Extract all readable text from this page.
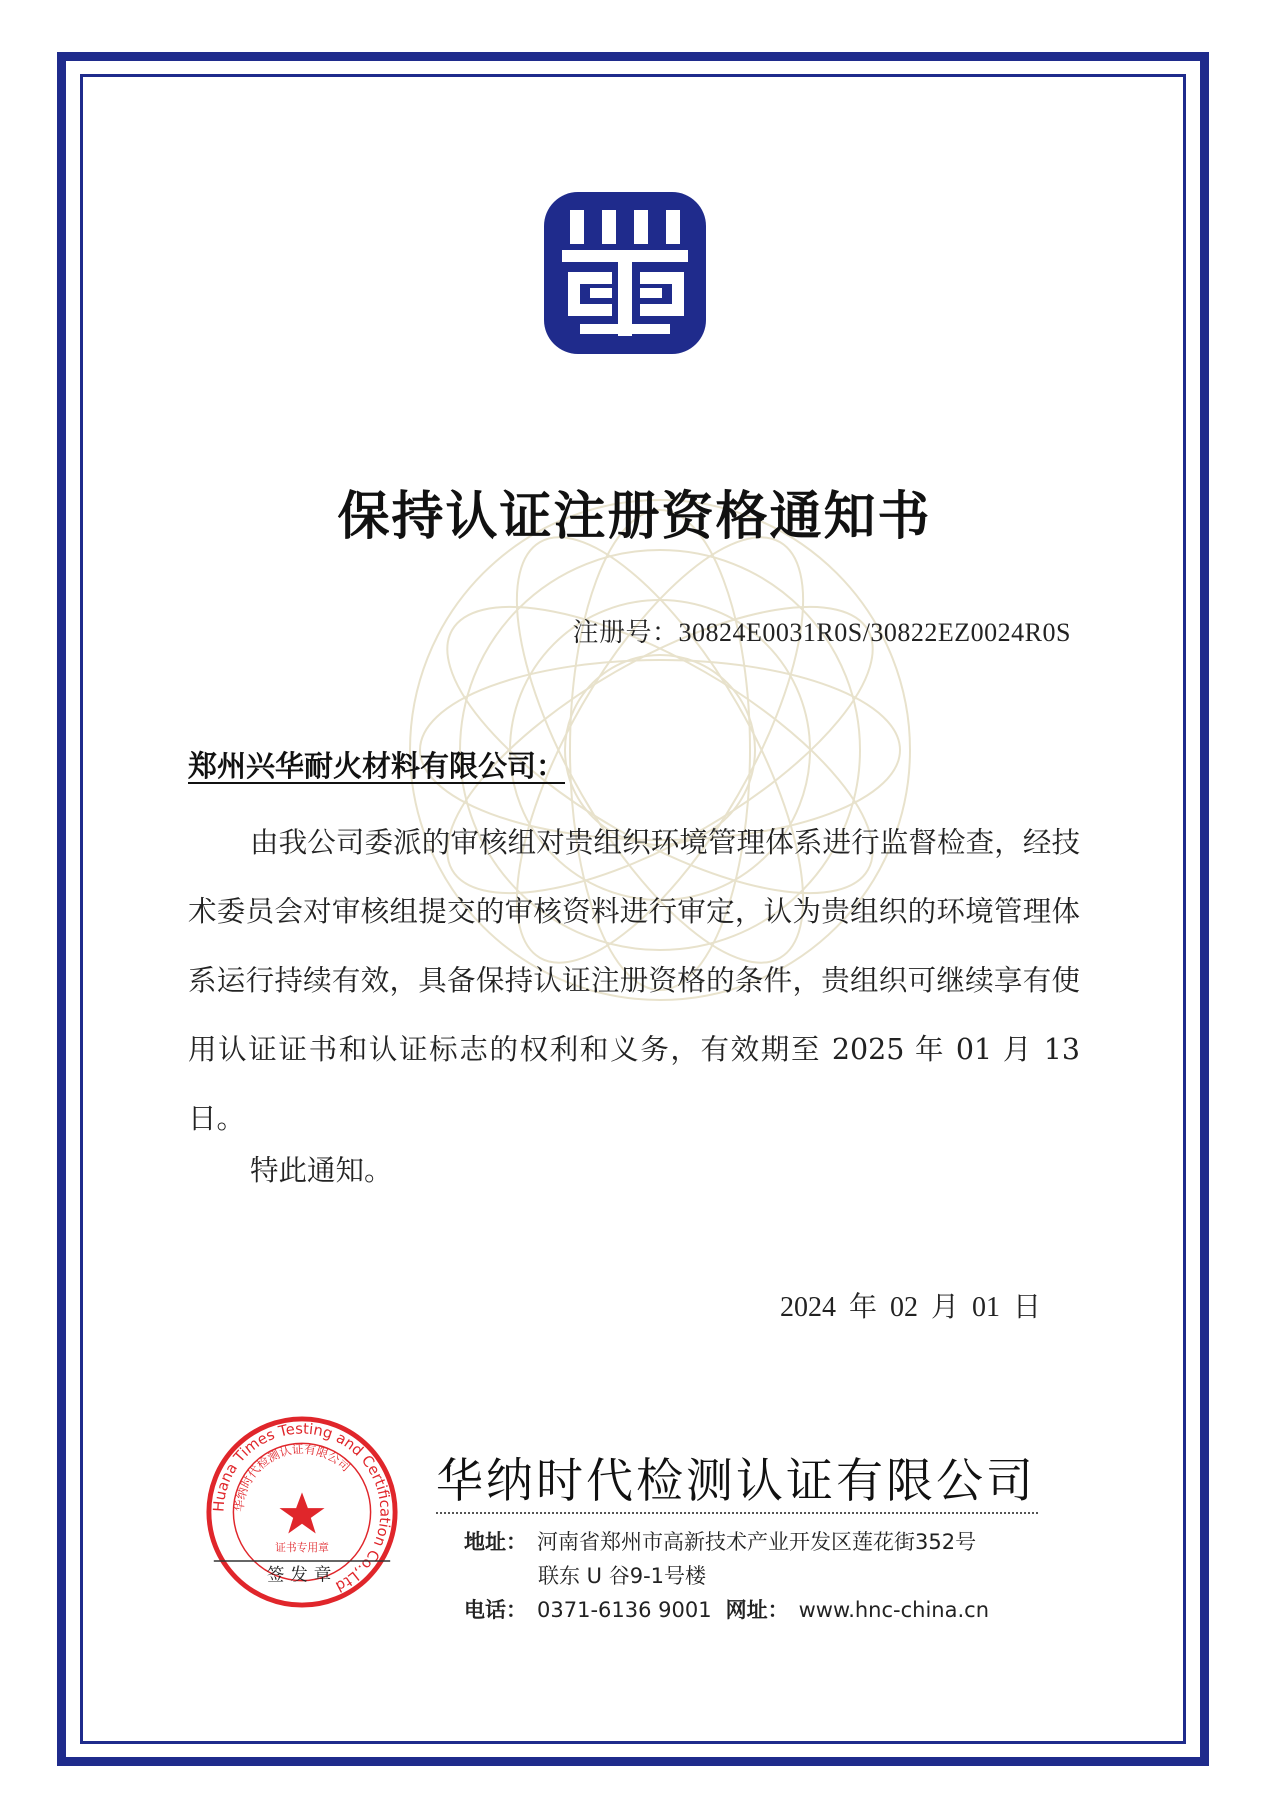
保持认证注册资格通知书
注册号：30824E0031R0S/30822EZ0024R0S
郑州兴华耐火材料有限公司：
由我公司委派的审核组对贵组织环境管理体系进行监督检查，经技术委员会对审核组提交的审核资料进行审定，认为贵组织的环境管理体系运行持续有效，具备保持认证注册资格的条件，贵组织可继续享有使用认证证书和认证标志的权利和义务，有效期至 2025 年 01 月 13 日。
特此通知。
2024 年 02 月 01 日
Huana Times Testing and Certification Co.,Ltd
华纳时代检测认证有限公司
证书专用章
签发章
华纳时代检测认证有限公司
地址： 河南省郑州市高新技术产业开发区莲花街352号
联东 U 谷9-1号楼
电话： 0371-6136 9001 网址： www.hnc-china.cn
